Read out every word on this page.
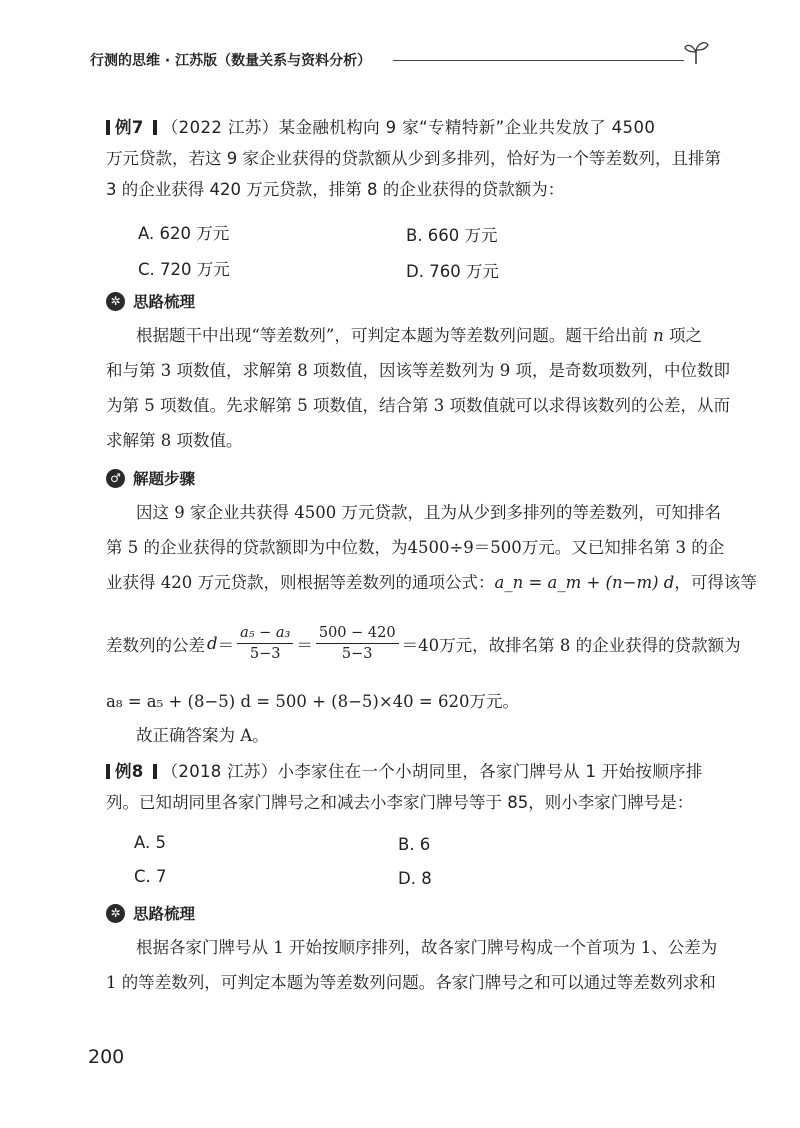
行测的思维 · 江苏版（数量关系与资料分析）
例7 （2022 江苏）某金融机构向 9 家“专精特新”企业共发放了 4500
万元贷款，若这 9 家企业获得的贷款额从少到多排列，恰好为一个等差数列，且排第
3 的企业获得 420 万元贷款，排第 8 的企业获得的贷款额为：
A. 620 万元	B. 660 万元
C. 720 万元	D. 760 万元
✲ 思路梳理
根据题干中出现“等差数列”，可判定本题为等差数列问题。题干给出前 n 项之
和与第 3 项数值，求解第 8 项数值，因该等差数列为 9 项，是奇数项数列，中位数即
为第 5 项数值。先求解第 5 项数值，结合第 3 项数值就可以求得该数列的公差，从而
求解第 8 项数值。
♂ 解题步骤
因这 9 家企业共获得 4500 万元贷款，且为从少到多排列的等差数列，可知排名
第 5 的企业获得的贷款额即为中位数，为4500÷9＝500万元。又已知排名第 3 的企
业获得 420 万元贷款，则根据等差数列的通项公式：a_n = a_m + (n−m) d，可得该等
差数列的公差 $d = \frac{\text{a₅ − a₃}}{5-3} = \frac{500 - 420}{5-3} =40$万元，故排名第 8 的企业获得的贷款额为
a₈ = a₅ + (8−5) d = 500 + (8−5)×40 = 620万元。
故正确答案为 A。
例8 （2018 江苏）小李家住在一个小胡同里，各家门牌号从 1 开始按顺序排
列。已知胡同里各家门牌号之和减去小李家门牌号等于 85，则小李家门牌号是：
A. 5	B. 6
C. 7	D. 8
✲ 思路梳理
根据各家门牌号从 1 开始按顺序排列，故各家门牌号构成一个首项为 1、公差为
1 的等差数列，可判定本题为等差数列问题。各家门牌号之和可以通过等差数列求和
200
